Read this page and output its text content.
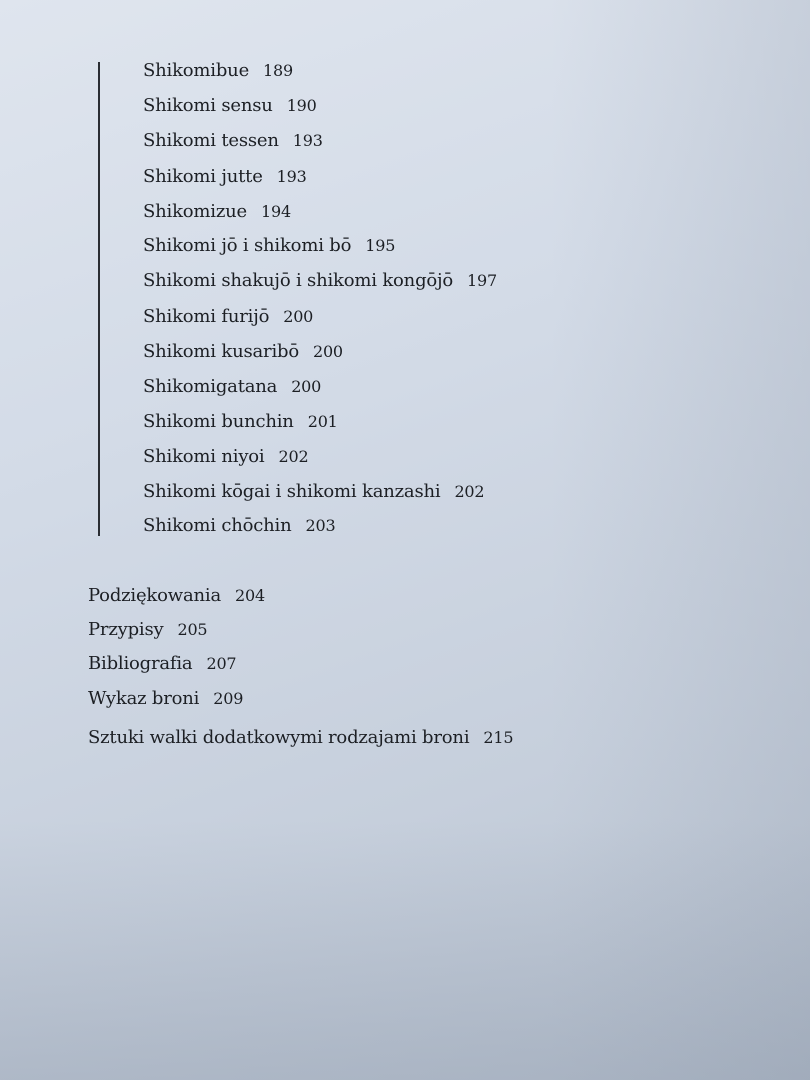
Shikomibue 189
Shikomi sensu 190
Shikomi tessen 193
Shikomi jutte 193
Shikomizue 194
Shikomi jō i shikomi bō 195
Shikomi shakujō i shikomi kongōjō 197
Shikomi furijō 200
Shikomi kusaribō 200
Shikomigatana 200
Shikomi bunchin 201
Shikomi niyoi 202
Shikomi kōgai i shikomi kanzashi 202
Shikomi chōchin 203
Podziękowania 204
Przypisy 205
Bibliografia 207
Wykaz broni 209
Sztuki walki dodatkowymi rodzajami broni 215
